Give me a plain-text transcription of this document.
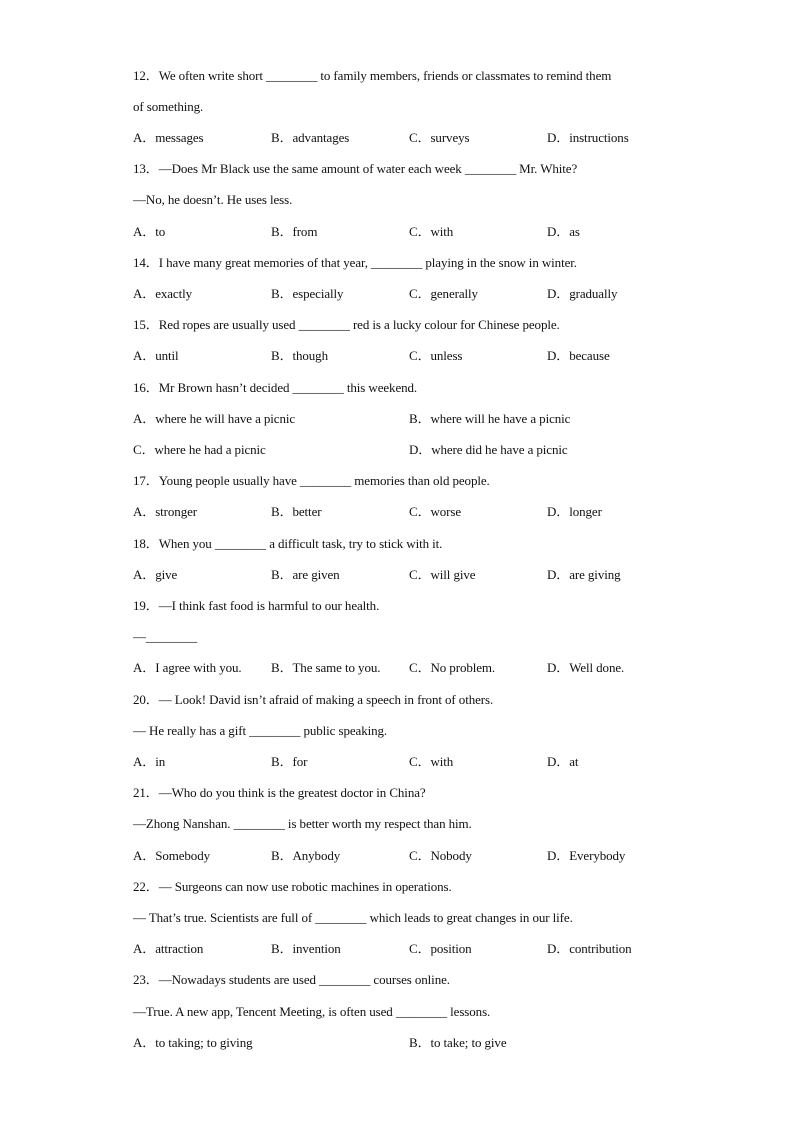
12．We often write short ________ to family members, friends or classmates to remind them
of something.
A．messages	B．advantages	C．surveys	D．instructions
13．—Does Mr Black use the same amount of water each week ________ Mr. White?
—No, he doesn’t. He uses less.
A．to	B．from	C．with	D．as
14．I have many great memories of that year, ________ playing in the snow in winter.
A．exactly	B．especially	C．generally	D．gradually
15．Red ropes are usually used ________ red is a lucky colour for Chinese people.
A．until	B．though	C．unless	D．because
16．Mr Brown hasn’t decided ________ this weekend.
A．where he will have a picnic	B．where will he have a picnic
C．where he had a picnic	D．where did he have a picnic
17．Young people usually have ________ memories than old people.
A．stronger	B．better	C．worse	D．longer
18．When you ________ a difficult task, try to stick with it.
A．give	B．are given	C．will give	D．are giving
19．—I think fast food is harmful to our health.
—________
A．I agree with you. B．The same to you. C．No problem.	D．Well done.
20．— Look! David isn’t afraid of making a speech in front of others.
— He really has a gift ________ public speaking.
A．in	B．for	C．with	D．at
21．—Who do you think is the greatest doctor in China?
—Zhong Nanshan. ________ is better worth my respect than him.
A．Somebody	B．Anybody	C．Nobody	D．Everybody
22．— Surgeons can now use robotic machines in operations.
— That’s true. Scientists are full of ________ which leads to great changes in our life.
A．attraction	B．invention	C．position	D．contribution
23．—Nowadays students are used ________ courses online.
—True. A new app, Tencent Meeting, is often used ________ lessons.
A．to taking; to giving	B．to take; to give
